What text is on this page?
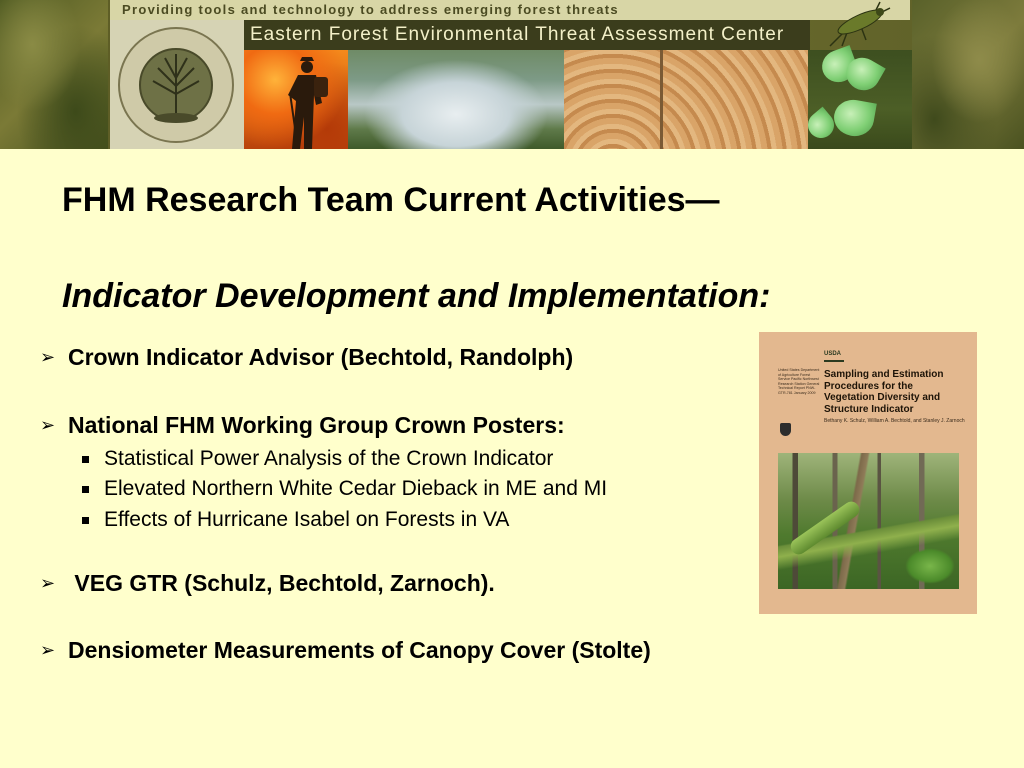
Providing tools and technology to address emerging forest threats
Eastern Forest Environmental Threat Assessment Center
FHM Research Team Current Activities—
Indicator Development and Implementation:
➢ Crown Indicator Advisor (Bechtold, Randolph)
➢ National FHM Working Group Crown Posters:
Statistical Power Analysis of the Crown Indicator
Elevated Northern White Cedar Dieback in ME and MI
Effects of Hurricane Isabel on Forests in VA
➢ VEG GTR (Schulz, Bechtold, Zarnoch).
➢ Densiometer Measurements of Canopy Cover (Stolte)
United States Department of Agriculture Forest Service Pacific Northwest Research Station General Technical Report PNW-GTR-781 January 2009
USDA
Sampling and Estimation Procedures for the Vegetation Diversity and Structure Indicator
Bethany K. Schulz, William A. Bechtold, and Stanley J. Zarnoch
